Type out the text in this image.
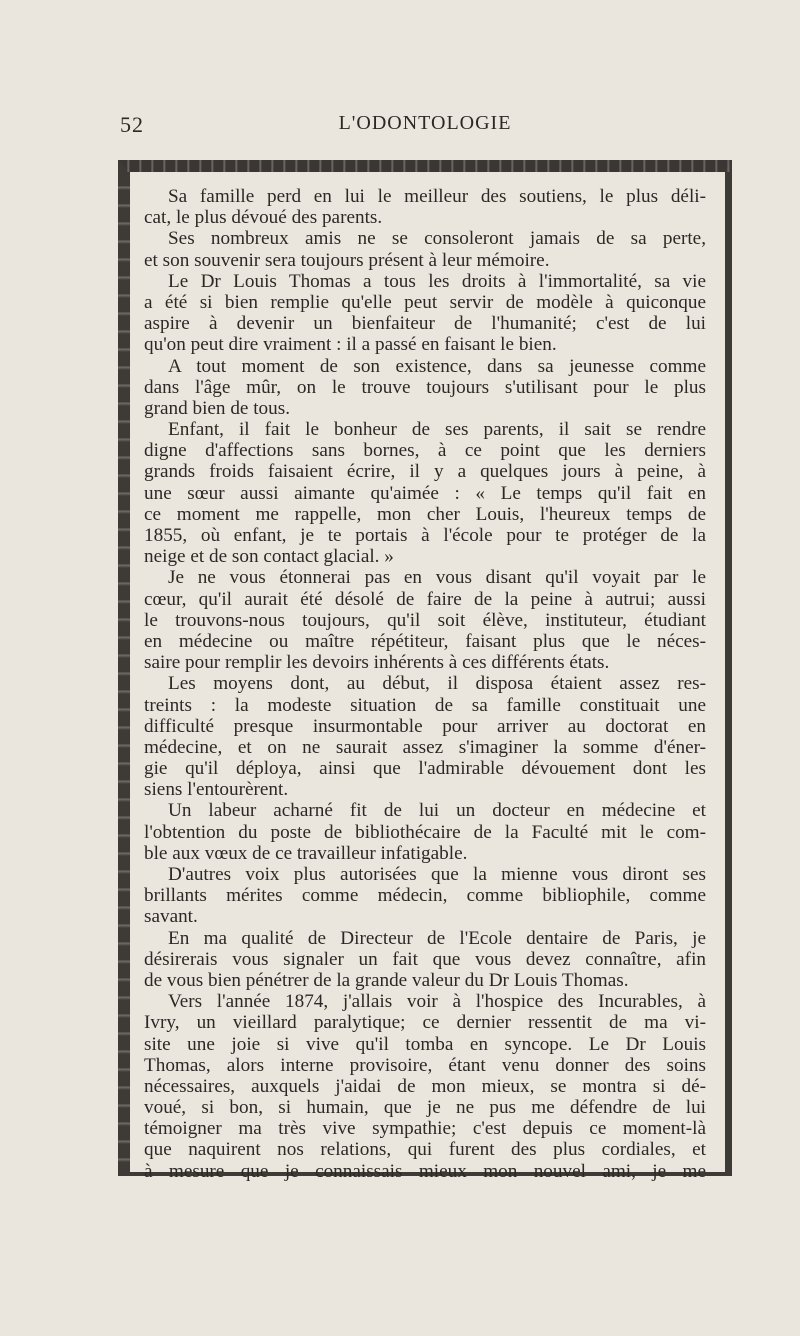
52	L'ODONTOLOGIE
Sa famille perd en lui le meilleur des soutiens, le plus déli-
cat, le plus dévoué des parents.
Ses nombreux amis ne se consoleront jamais de sa perte,
et son souvenir sera toujours présent à leur mémoire.
Le Dr Louis Thomas a tous les droits à l'immortalité, sa vie
a été si bien remplie qu'elle peut servir de modèle à quiconque
aspire à devenir un bienfaiteur de l'humanité; c'est de lui
qu'on peut dire vraiment : il a passé en faisant le bien.
A tout moment de son existence, dans sa jeunesse comme
dans l'âge mûr, on le trouve toujours s'utilisant pour le plus
grand bien de tous.
Enfant, il fait le bonheur de ses parents, il sait se rendre
digne d'affections sans bornes, à ce point que les derniers
grands froids faisaient écrire, il y a quelques jours à peine, à
une sœur aussi aimante qu'aimée : « Le temps qu'il fait en
ce moment me rappelle, mon cher Louis, l'heureux temps de
1855, où enfant, je te portais à l'école pour te protéger de la
neige et de son contact glacial. »
Je ne vous étonnerai pas en vous disant qu'il voyait par le
cœur, qu'il aurait été désolé de faire de la peine à autrui; aussi
le trouvons-nous toujours, qu'il soit élève, instituteur, étudiant
en médecine ou maître répétiteur, faisant plus que le néces-
saire pour remplir les devoirs inhérents à ces différents états.
Les moyens dont, au début, il disposa étaient assez res-
treints : la modeste situation de sa famille constituait une
difficulté presque insurmontable pour arriver au doctorat en
médecine, et on ne saurait assez s'imaginer la somme d'éner-
gie qu'il déploya, ainsi que l'admirable dévouement dont les
siens l'entourèrent.
Un labeur acharné fit de lui un docteur en médecine et
l'obtention du poste de bibliothécaire de la Faculté mit le com-
ble aux vœux de ce travailleur infatigable.
D'autres voix plus autorisées que la mienne vous diront ses
brillants mérites comme médecin, comme bibliophile, comme
savant.
En ma qualité de Directeur de l'Ecole dentaire de Paris, je
désirerais vous signaler un fait que vous devez connaître, afin
de vous bien pénétrer de la grande valeur du Dr Louis Thomas.
Vers l'année 1874, j'allais voir à l'hospice des Incurables, à
Ivry, un vieillard paralytique; ce dernier ressentit de ma vi-
site une joie si vive qu'il tomba en syncope. Le Dr Louis
Thomas, alors interne provisoire, étant venu donner des soins
nécessaires, auxquels j'aidai de mon mieux, se montra si dé-
voué, si bon, si humain, que je ne pus me défendre de lui
témoigner ma très vive sympathie; c'est depuis ce moment-là
que naquirent nos relations, qui furent des plus cordiales, et
à mesure que je connaissais mieux mon nouvel ami, je me
